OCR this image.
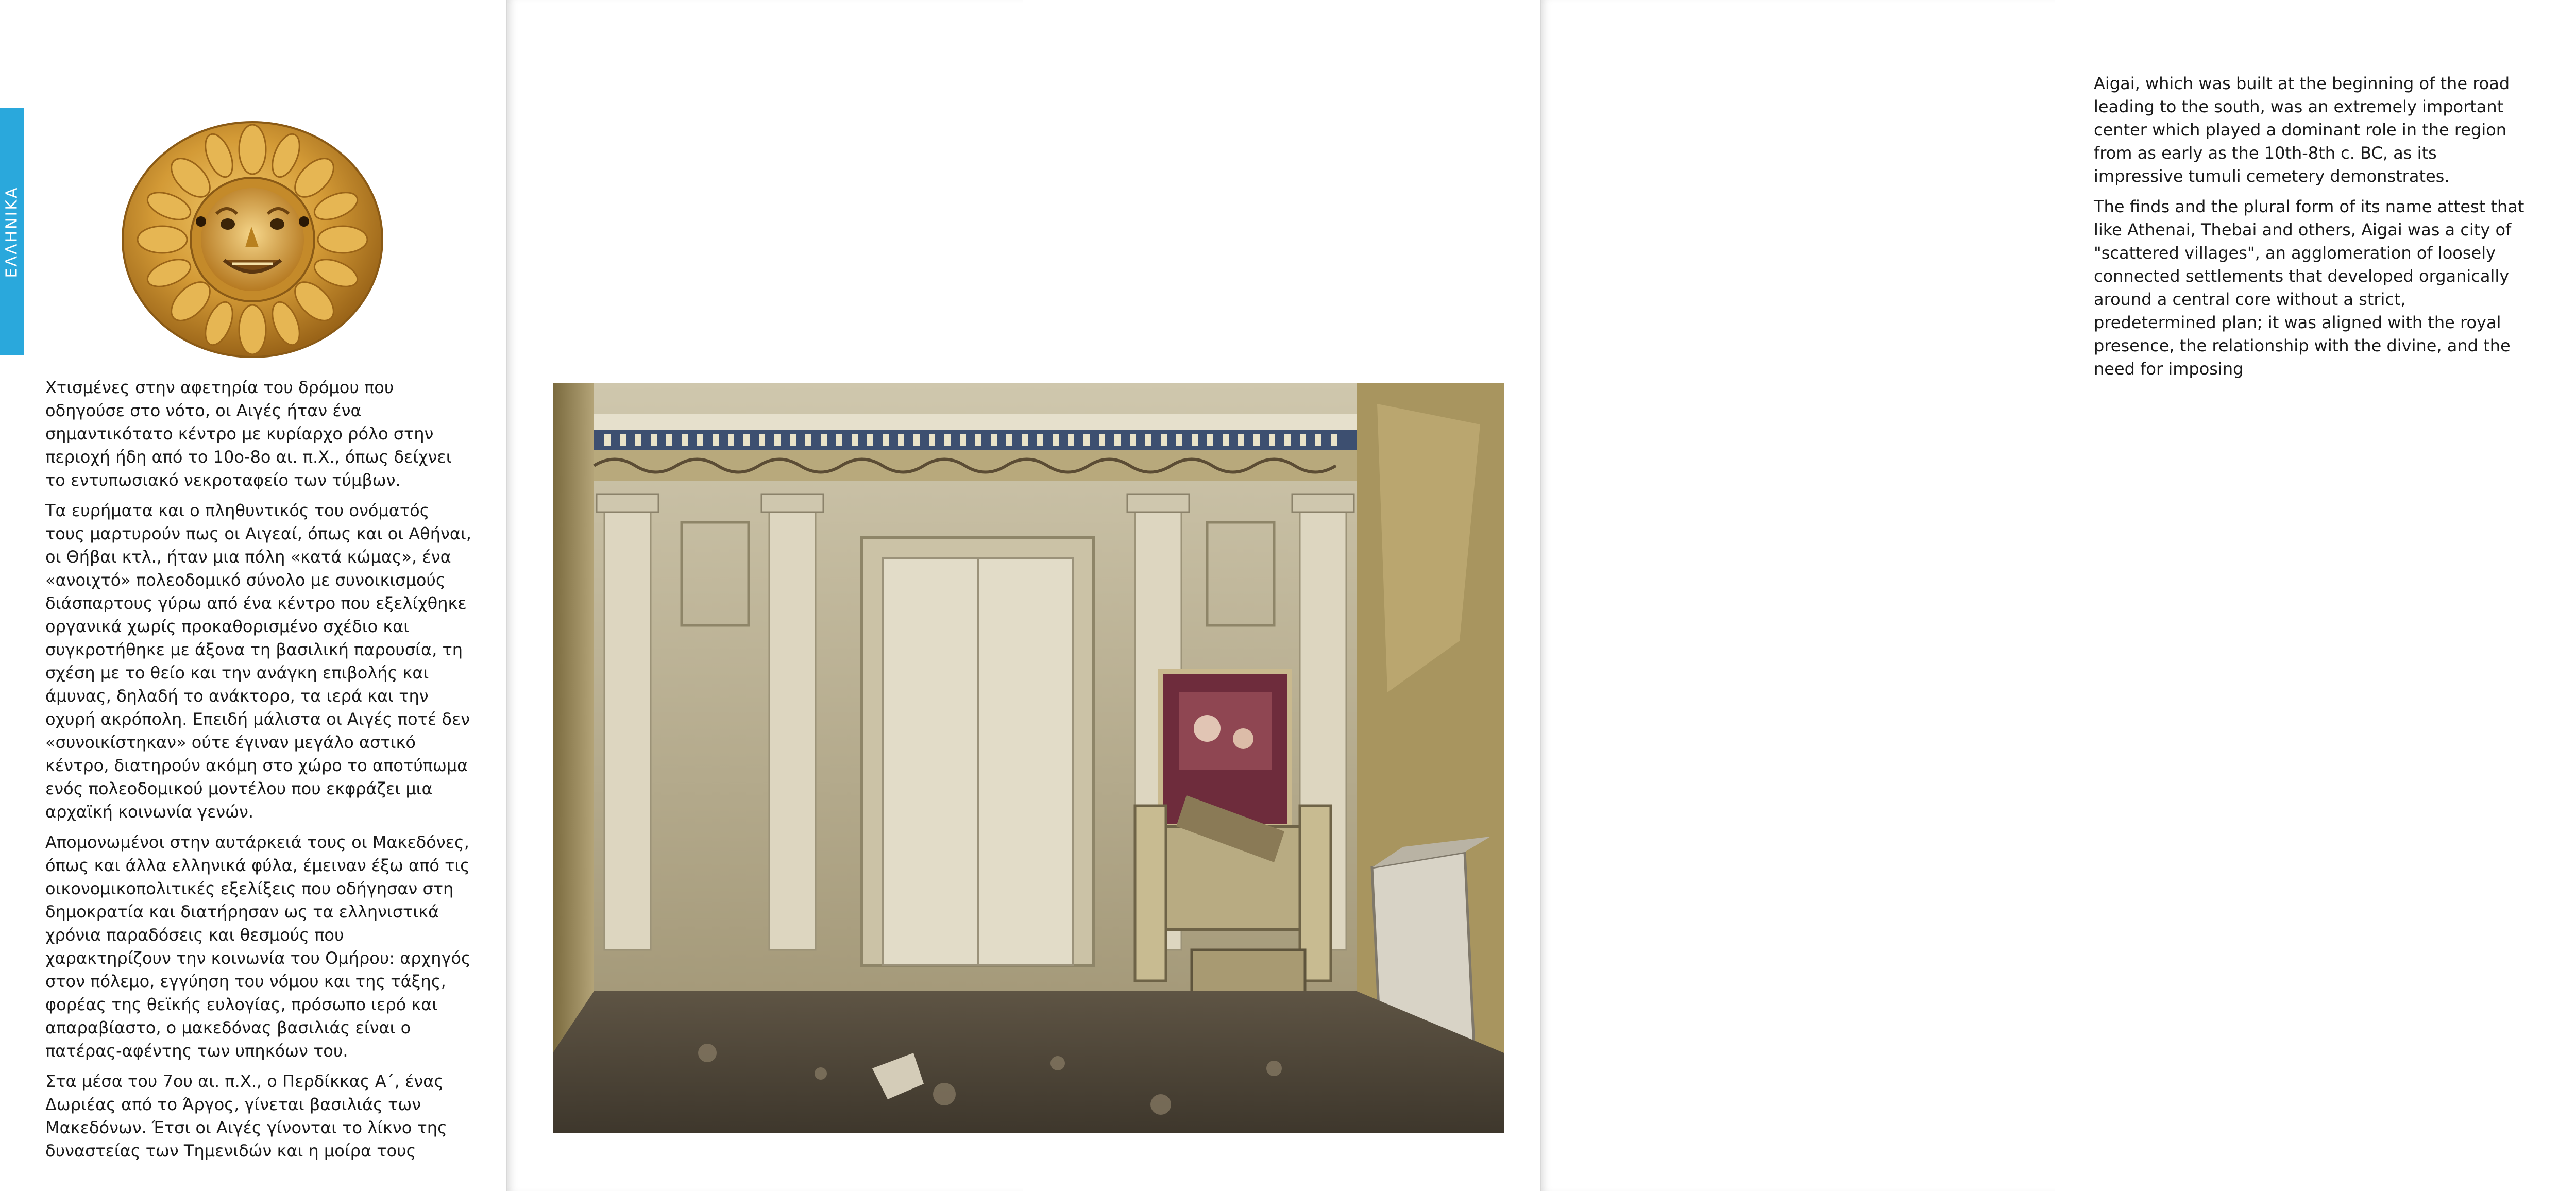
ΕΛΛΗΝΙΚΑ

Χτισμένες στην αφετηρία του δρόμου που οδηγούσε στο νότο, οι Αιγές ήταν ένα σημαντικότατο κέντρο με κυρίαρχο ρόλο στην περιοχή ήδη από το 10ο-8ο αι. π.Χ., όπως δείχνει το εντυπωσιακό νεκροταφείο των τύμβων.

Τα ευρήματα και ο πληθυντικός του ονόματός τους μαρτυρούν πως οι Αιγεαί, όπως και οι Αθήναι, οι Θήβαι κτλ., ήταν μια πόλη «κατά κώμας», ένα «ανοιχτό» πολεοδομικό σύνολο με συνοικισμούς διάσπαρτους γύρω από ένα κέντρο που εξελίχθηκε οργανικά χωρίς προκαθορισμένο σχέδιο και συγκροτήθηκε με άξονα τη βασιλική παρουσία, τη σχέση με το θείο και την ανάγκη επιβολής και άμυνας, δηλαδή το ανάκτορο, τα ιερά και την οχυρή ακρόπολη. Επειδή μάλιστα οι Αιγές ποτέ δεν «συνοικίστηκαν» ούτε έγιναν μεγάλο αστικό κέντρο, διατηρούν ακόμη στο χώρο το αποτύπωμα ενός πολεοδομικού μοντέλου που εκφράζει μια αρχαϊκή κοινωνία γενών.

Απομονωμένοι στην αυτάρκειά τους οι Μακεδόνες, όπως και άλλα ελληνικά φύλα, έμειναν έξω από τις οικονομικοπολιτικές εξελίξεις που οδήγησαν στη δημοκρατία και διατήρησαν ως τα ελληνιστικά χρόνια παραδόσεις και θεσμούς που χαρακτηρίζουν την κοινωνία του Ομήρου: αρχηγός στον πόλεμο, εγγύηση του νόμου και της τάξης, φορέας της θεϊκής ευλογίας, πρόσωπο ιερό και απαραβίαστο, ο μακεδόνας βασιλιάς είναι ο πατέρας-αφέντης των υπηκόων του.

Στα μέσα του 7ου αι. π.Χ., ο Περδίκκας Α΄, ένας Δωριέας από το Άργος, γίνεται βασιλιάς των Μακεδόνων. Έτσι οι Αιγές γίνονται το λίκνο της δυναστείας των Τημενιδών και η μοίρα τους

Aigai, which was built at the beginning of the road leading to the south, was an extremely important center which played a dominant role in the region from as early as the 10th-8th c. BC, as its impressive tumuli cemetery demonstrates.

The finds and the plural form of its name attest that like Athenai, Thebai and others, Aigai was a city of "scattered villages", an agglomeration of loosely connected settlements that developed organically around a central core without a strict, predetermined plan; it was aligned with the royal presence, the relationship with the divine, and the need for imposing
